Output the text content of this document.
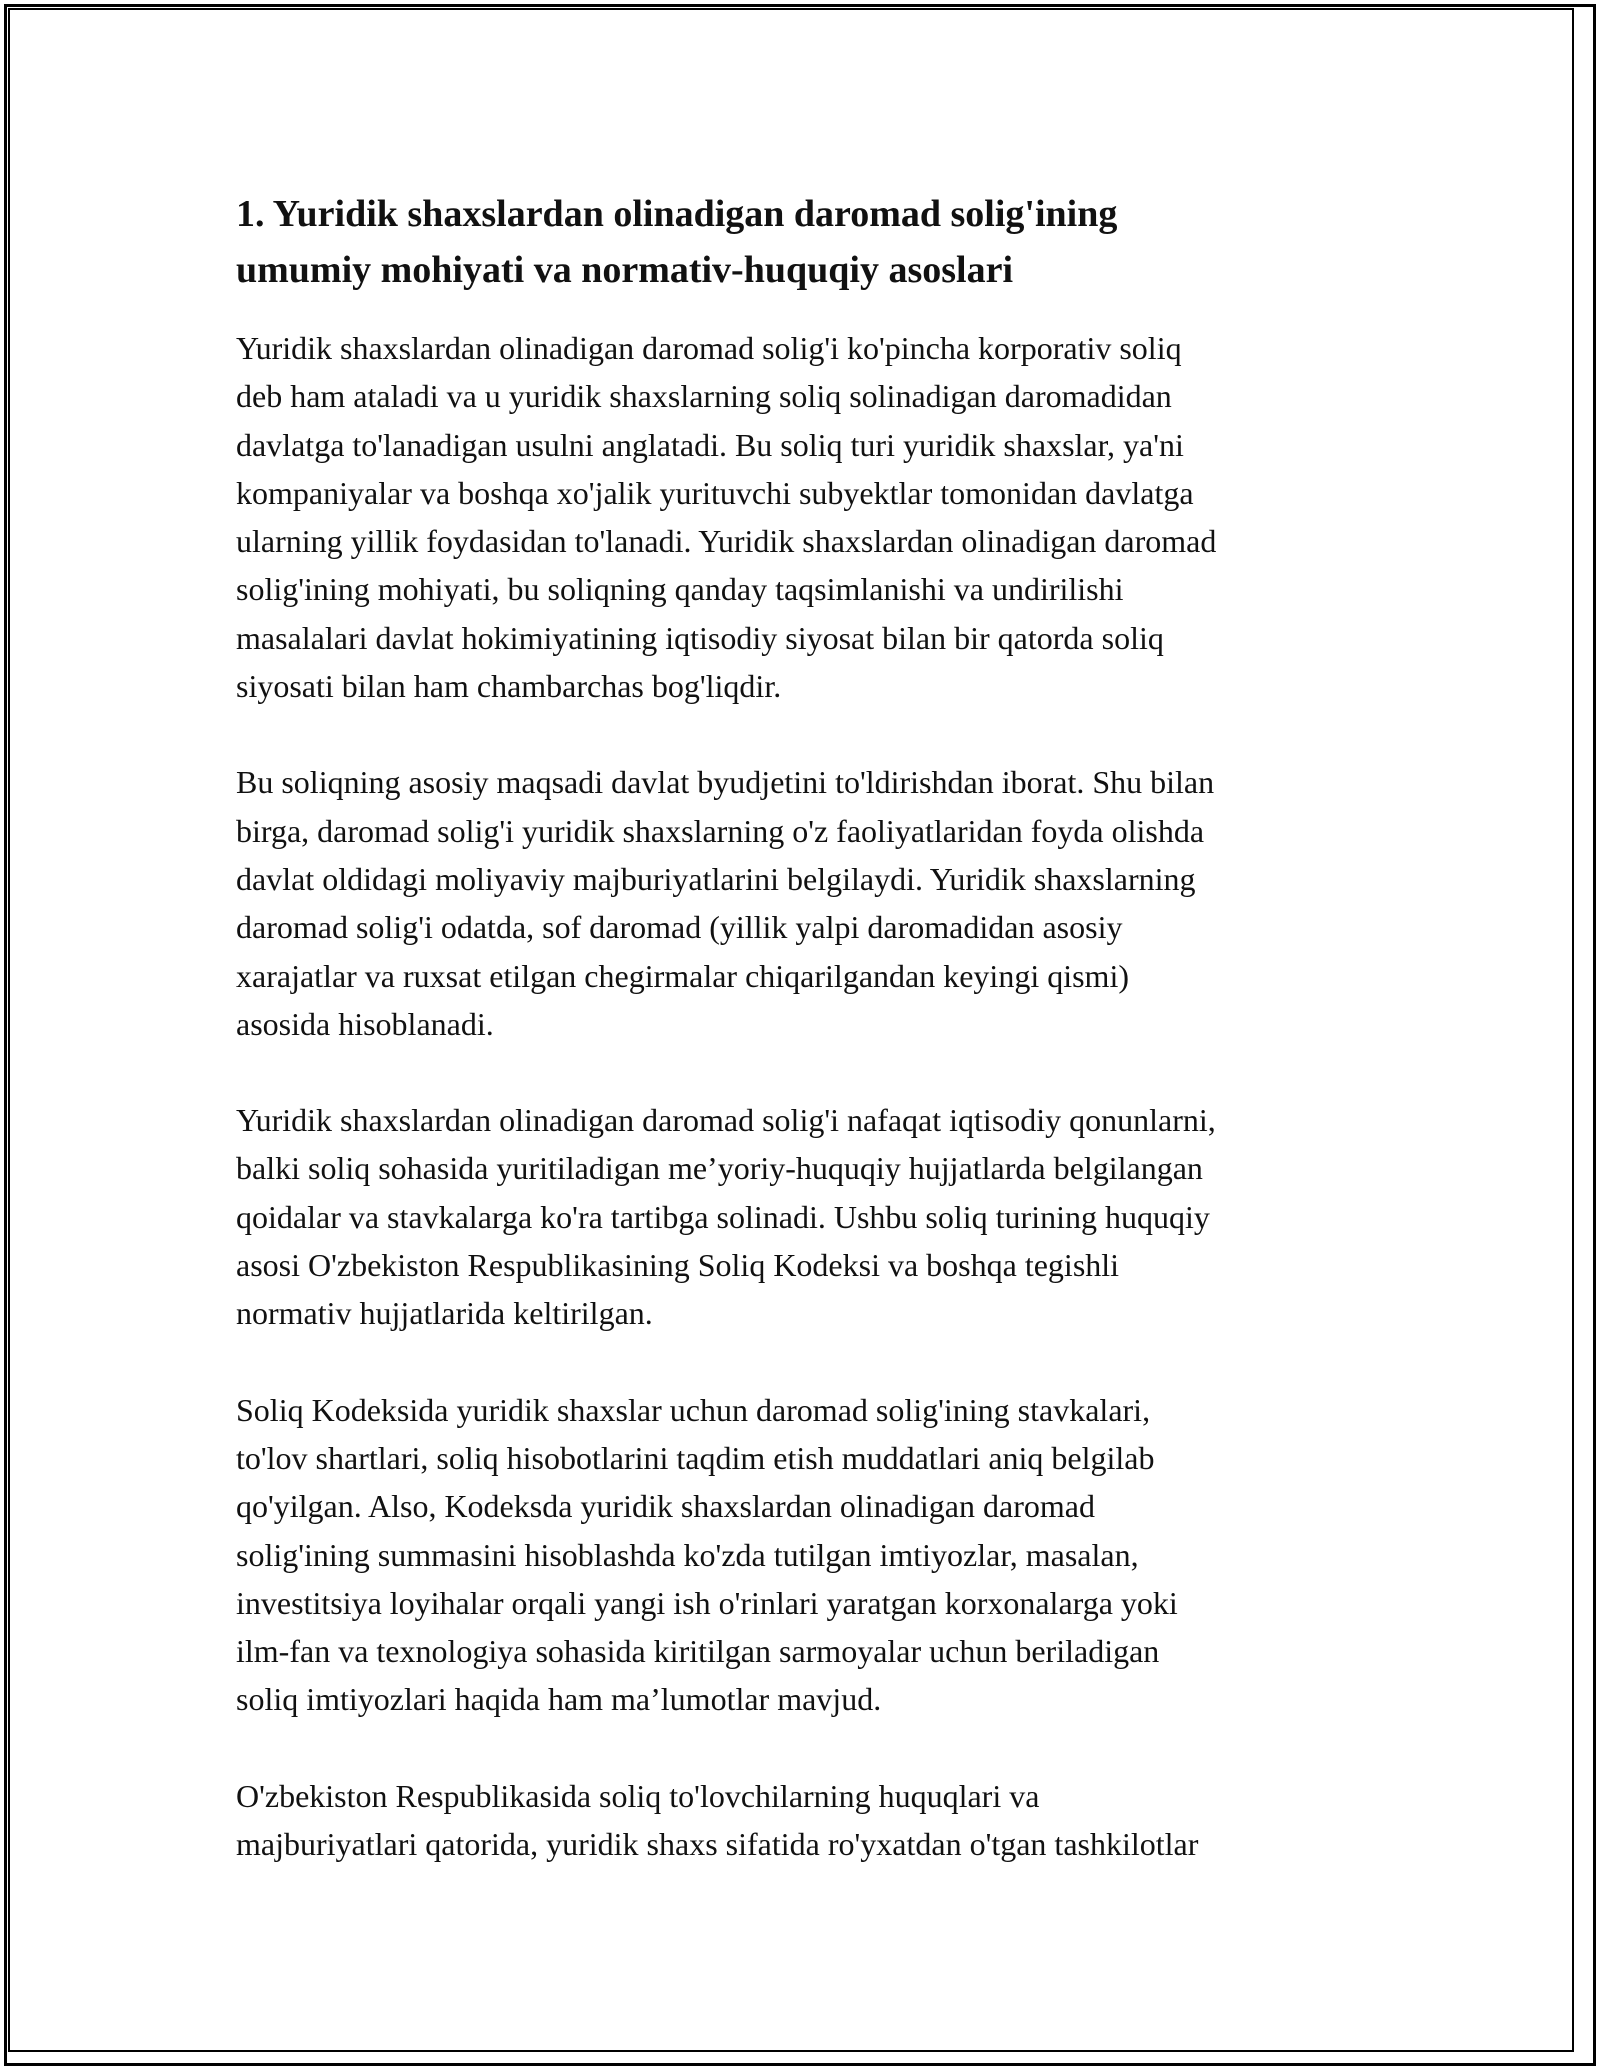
1. Yuridik shaxslardan olinadigan daromad solig'ining
umumiy mohiyati va normativ-huquqiy asoslari

Yuridik shaxslardan olinadigan daromad solig'i ko'pincha korporativ soliq
deb ham ataladi va u yuridik shaxslarning soliq solinadigan daromadidan
davlatga to'lanadigan usulni anglatadi. Bu soliq turi yuridik shaxslar, ya'ni
kompaniyalar va boshqa xo'jalik yurituvchi subyektlar tomonidan davlatga
ularning yillik foydasidan to'lanadi. Yuridik shaxslardan olinadigan daromad
solig'ining mohiyati, bu soliqning qanday taqsimlanishi va undirilishi
masalalari davlat hokimiyatining iqtisodiy siyosat bilan bir qatorda soliq
siyosati bilan ham chambarchas bog'liqdir.

Bu soliqning asosiy maqsadi davlat byudjetini to'ldirishdan iborat. Shu bilan
birga, daromad solig'i yuridik shaxslarning o'z faoliyatlaridan foyda olishda
davlat oldidagi moliyaviy majburiyatlarini belgilaydi. Yuridik shaxslarning
daromad solig'i odatda, sof daromad (yillik yalpi daromadidan asosiy
xarajatlar va ruxsat etilgan chegirmalar chiqarilgandan keyingi qismi)
asosida hisoblanadi.

Yuridik shaxslardan olinadigan daromad solig'i nafaqat iqtisodiy qonunlarni,
balki soliq sohasida yuritiladigan me’yoriy-huquqiy hujjatlarda belgilangan
qoidalar va stavkalarga ko'ra tartibga solinadi. Ushbu soliq turining huquqiy
asosi O'zbekiston Respublikasining Soliq Kodeksi va boshqa tegishli
normativ hujjatlarida keltirilgan.

Soliq Kodeksida yuridik shaxslar uchun daromad solig'ining stavkalari,
to'lov shartlari, soliq hisobotlarini taqdim etish muddatlari aniq belgilab
qo'yilgan. Also, Kodeksda yuridik shaxslardan olinadigan daromad
solig'ining summasini hisoblashda ko'zda tutilgan imtiyozlar, masalan,
investitsiya loyihalar orqali yangi ish o'rinlari yaratgan korxonalarga yoki
ilm-fan va texnologiya sohasida kiritilgan sarmoyalar uchun beriladigan
soliq imtiyozlari haqida ham ma’lumotlar mavjud.

O'zbekiston Respublikasida soliq to'lovchilarning huquqlari va
majburiyatlari qatorida, yuridik shaxs sifatida ro'yxatdan o'tgan tashkilotlar
